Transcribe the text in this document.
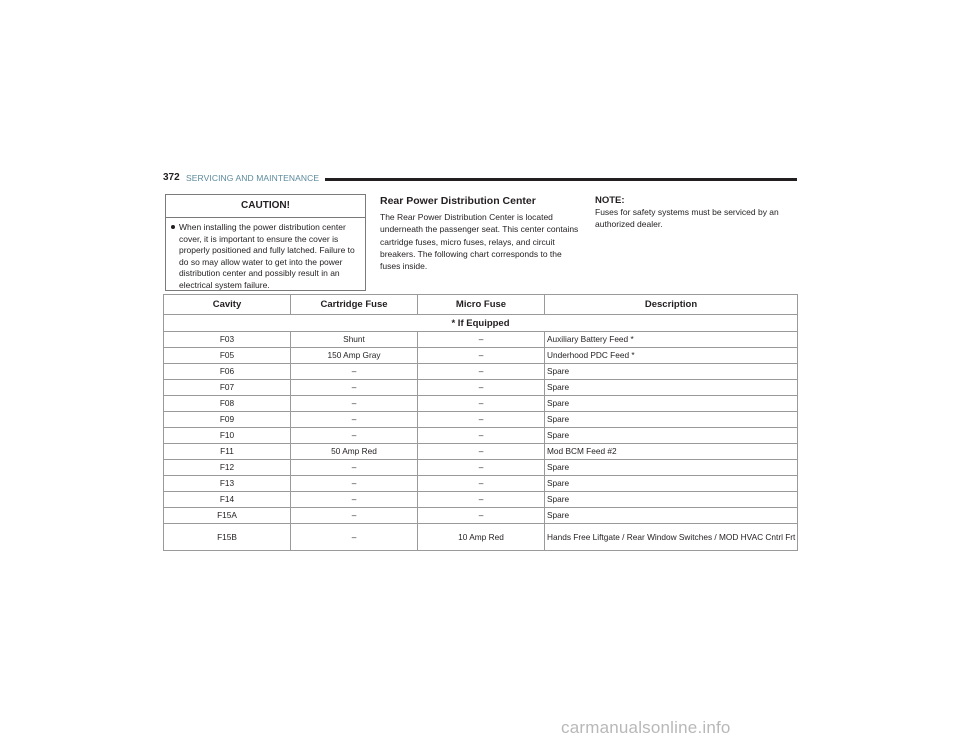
372 SERVICING AND MAINTENANCE
CAUTION!
When installing the power distribution center cover, it is important to ensure the cover is properly positioned and fully latched. Failure to do so may allow water to get into the power distribution center and possibly result in an electrical system failure.
Rear Power Distribution Center
The Rear Power Distribution Center is located underneath the passenger seat. This center contains cartridge fuses, micro fuses, relays, and circuit breakers. The following chart corresponds to the fuses inside.
NOTE:
Fuses for safety systems must be serviced by an authorized dealer.
Cavity	Cartridge Fuse	Micro Fuse	Description
* If Equipped			
F03	Shunt	–	Auxiliary Battery Feed *
F05	150 Amp Gray	–	Underhood PDC Feed *
F06	–	–	Spare
F07	–	–	Spare
F08	–	–	Spare
F09	–	–	Spare
F10	–	–	Spare
F11	50 Amp Red	–	Mod BCM Feed #2
F12	–	–	Spare
F13	–	–	Spare
F14	–	–	Spare
F15A	–	–	Spare
F15B	–	10 Amp Red	Hands Free Liftgate / Rear Window Switches / MOD HVAC Cntrl Frt
carmanualsonline.info
